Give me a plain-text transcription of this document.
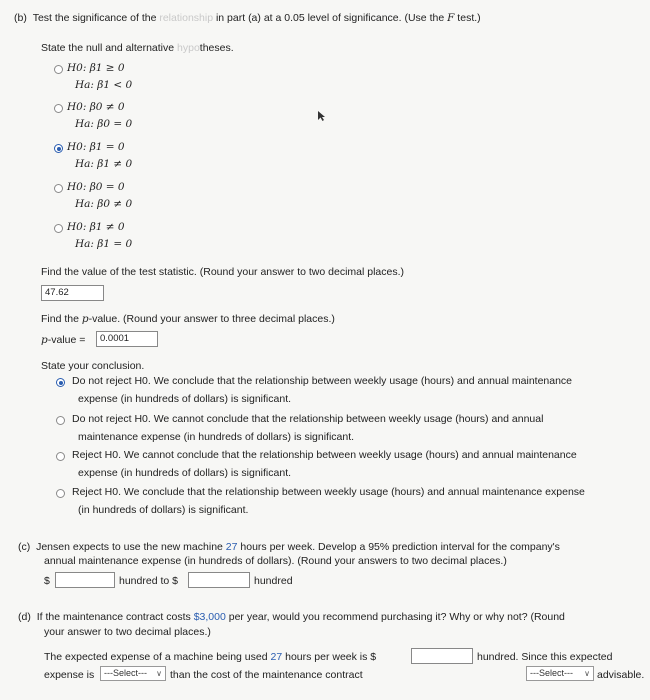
(b) Test the significance of the relationship in part (a) at a 0.05 level of significance. (Use the F test.)
State the null and alternative hypotheses.
H0: β1 ≥ 0
Ha: β1 < 0
H0: β0 ≠ 0
Ha: β0 = 0
H0: β1 = 0
Ha: β1 ≠ 0
H0: β0 = 0
Ha: β0 ≠ 0
H0: β1 ≠ 0
Ha: β1 = 0
Find the value of the test statistic. (Round your answer to two decimal places.)
47.62
Find the p-value. (Round your answer to three decimal places.)
p-value =	0.0001
State your conclusion.
Do not reject H0. We conclude that the relationship between weekly usage (hours) and annual maintenance
expense (in hundreds of dollars) is significant.
Do not reject H0. We cannot conclude that the relationship between weekly usage (hours) and annual
maintenance expense (in hundreds of dollars) is significant.
Reject H0. We cannot conclude that the relationship between weekly usage (hours) and annual maintenance
expense (in hundreds of dollars) is significant.
Reject H0. We conclude that the relationship between weekly usage (hours) and annual maintenance expense
(in hundreds of dollars) is significant.
(c) Jensen expects to use the new machine 27 hours per week. Develop a 95% prediction interval for the company's
annual maintenance expense (in hundreds of dollars). (Round your answers to two decimal places.)
$	hundred to $	hundred
(d) If the maintenance contract costs $3,000 per year, would you recommend purchasing it? Why or why not? (Round
your answer to two decimal places.)
The expected expense of a machine being used 27 hours per week is $	hundred. Since this expected
expense is	---Select--- ∨ than the cost of the maintenance contract	---Select--- ∨ advisable.
